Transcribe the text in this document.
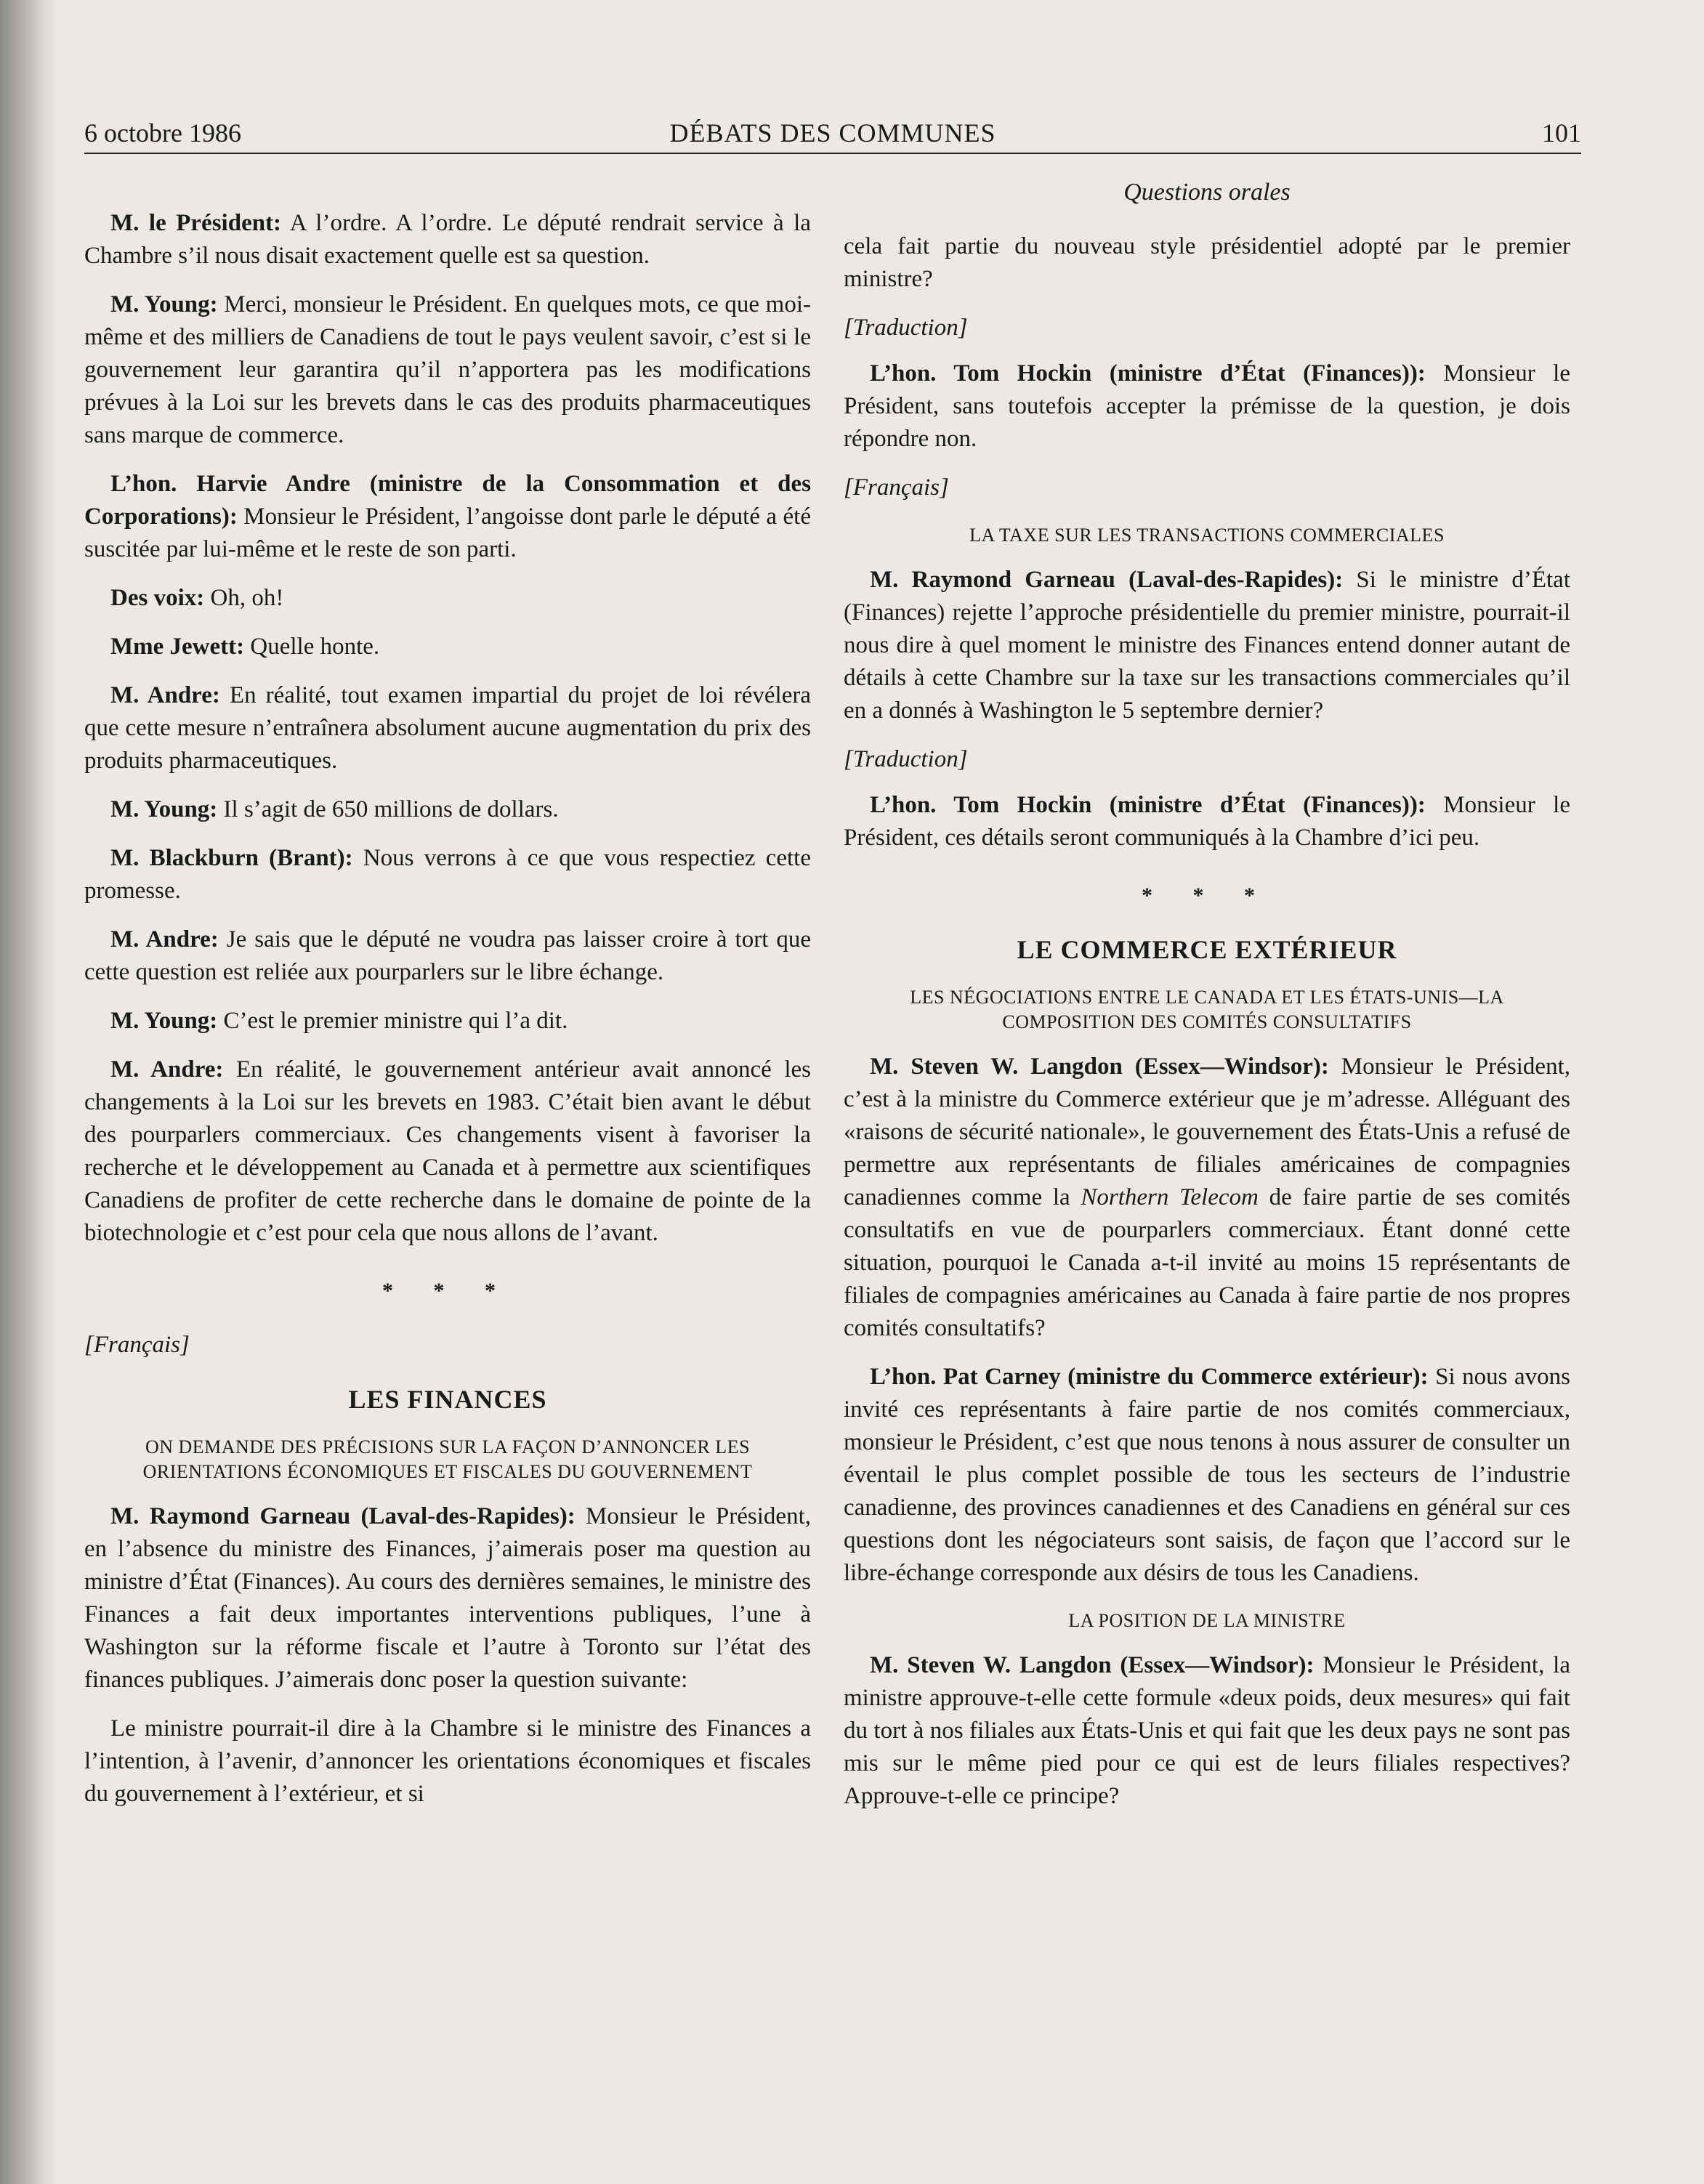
6 octobre 1986	DÉBATS DES COMMUNES	101

M. le Président: A l’ordre. A l’ordre. Le député rendrait service à la Chambre s’il nous disait exactement quelle est sa question.

M. Young: Merci, monsieur le Président. En quelques mots, ce que moi-même et des milliers de Canadiens de tout le pays veulent savoir, c’est si le gouvernement leur garantira qu’il n’apportera pas les modifications prévues à la Loi sur les brevets dans le cas des produits pharmaceutiques sans marque de commerce.

L’hon. Harvie Andre (ministre de la Consommation et des Corporations): Monsieur le Président, l’angoisse dont parle le député a été suscitée par lui-même et le reste de son parti.

Des voix: Oh, oh!

Mme Jewett: Quelle honte.

M. Andre: En réalité, tout examen impartial du projet de loi révélera que cette mesure n’entraînera absolument aucune augmentation du prix des produits pharmaceutiques.

M. Young: Il s’agit de 650 millions de dollars.

M. Blackburn (Brant): Nous verrons à ce que vous respectiez cette promesse.

M. Andre: Je sais que le député ne voudra pas laisser croire à tort que cette question est reliée aux pourparlers sur le libre échange.

M. Young: C’est le premier ministre qui l’a dit.

M. Andre: En réalité, le gouvernement antérieur avait annoncé les changements à la Loi sur les brevets en 1983. C’était bien avant le début des pourparlers commerciaux. Ces changements visent à favoriser la recherche et le développement au Canada et à permettre aux scientifiques Canadiens de profiter de cette recherche dans le domaine de pointe de la biotechnologie et c’est pour cela que nous allons de l’avant.

* * *

[Français]

LES FINANCES

ON DEMANDE DES PRÉCISIONS SUR LA FAÇON D’ANNONCER LES ORIENTATIONS ÉCONOMIQUES ET FISCALES DU GOUVERNEMENT

M. Raymond Garneau (Laval-des-Rapides): Monsieur le Président, en l’absence du ministre des Finances, j’aimerais poser ma question au ministre d’État (Finances). Au cours des dernières semaines, le ministre des Finances a fait deux importantes interventions publiques, l’une à Washington sur la réforme fiscale et l’autre à Toronto sur l’état des finances publiques. J’aimerais donc poser la question suivante:

Le ministre pourrait-il dire à la Chambre si le ministre des Finances a l’intention, à l’avenir, d’annoncer les orientations économiques et fiscales du gouvernement à l’extérieur, et si

Questions orales

cela fait partie du nouveau style présidentiel adopté par le premier ministre?

[Traduction]

L’hon. Tom Hockin (ministre d’État (Finances)): Monsieur le Président, sans toutefois accepter la prémisse de la question, je dois répondre non.

[Français]

LA TAXE SUR LES TRANSACTIONS COMMERCIALES

M. Raymond Garneau (Laval-des-Rapides): Si le ministre d’État (Finances) rejette l’approche présidentielle du premier ministre, pourrait-il nous dire à quel moment le ministre des Finances entend donner autant de détails à cette Chambre sur la taxe sur les transactions commerciales qu’il en a donnés à Washington le 5 septembre dernier?

[Traduction]

L’hon. Tom Hockin (ministre d’État (Finances)): Monsieur le Président, ces détails seront communiqués à la Chambre d’ici peu.

* * *

LE COMMERCE EXTÉRIEUR

LES NÉGOCIATIONS ENTRE LE CANADA ET LES ÉTATS-UNIS—LA COMPOSITION DES COMITÉS CONSULTATIFS

M. Steven W. Langdon (Essex—Windsor): Monsieur le Président, c’est à la ministre du Commerce extérieur que je m’adresse. Alléguant des «raisons de sécurité nationale», le gouvernement des États-Unis a refusé de permettre aux représentants de filiales américaines de compagnies canadiennes comme la Northern Telecom de faire partie de ses comités consultatifs en vue de pourparlers commerciaux. Étant donné cette situation, pourquoi le Canada a-t-il invité au moins 15 représentants de filiales de compagnies américaines au Canada à faire partie de nos propres comités consultatifs?

L’hon. Pat Carney (ministre du Commerce extérieur): Si nous avons invité ces représentants à faire partie de nos comités commerciaux, monsieur le Président, c’est que nous tenons à nous assurer de consulter un éventail le plus complet possible de tous les secteurs de l’industrie canadienne, des provinces canadiennes et des Canadiens en général sur ces questions dont les négociateurs sont saisis, de façon que l’accord sur le libre-échange corresponde aux désirs de tous les Canadiens.

LA POSITION DE LA MINISTRE

M. Steven W. Langdon (Essex—Windsor): Monsieur le Président, la ministre approuve-t-elle cette formule «deux poids, deux mesures» qui fait du tort à nos filiales aux États-Unis et qui fait que les deux pays ne sont pas mis sur le même pied pour ce qui est de leurs filiales respectives? Approuve-t-elle ce principe?
